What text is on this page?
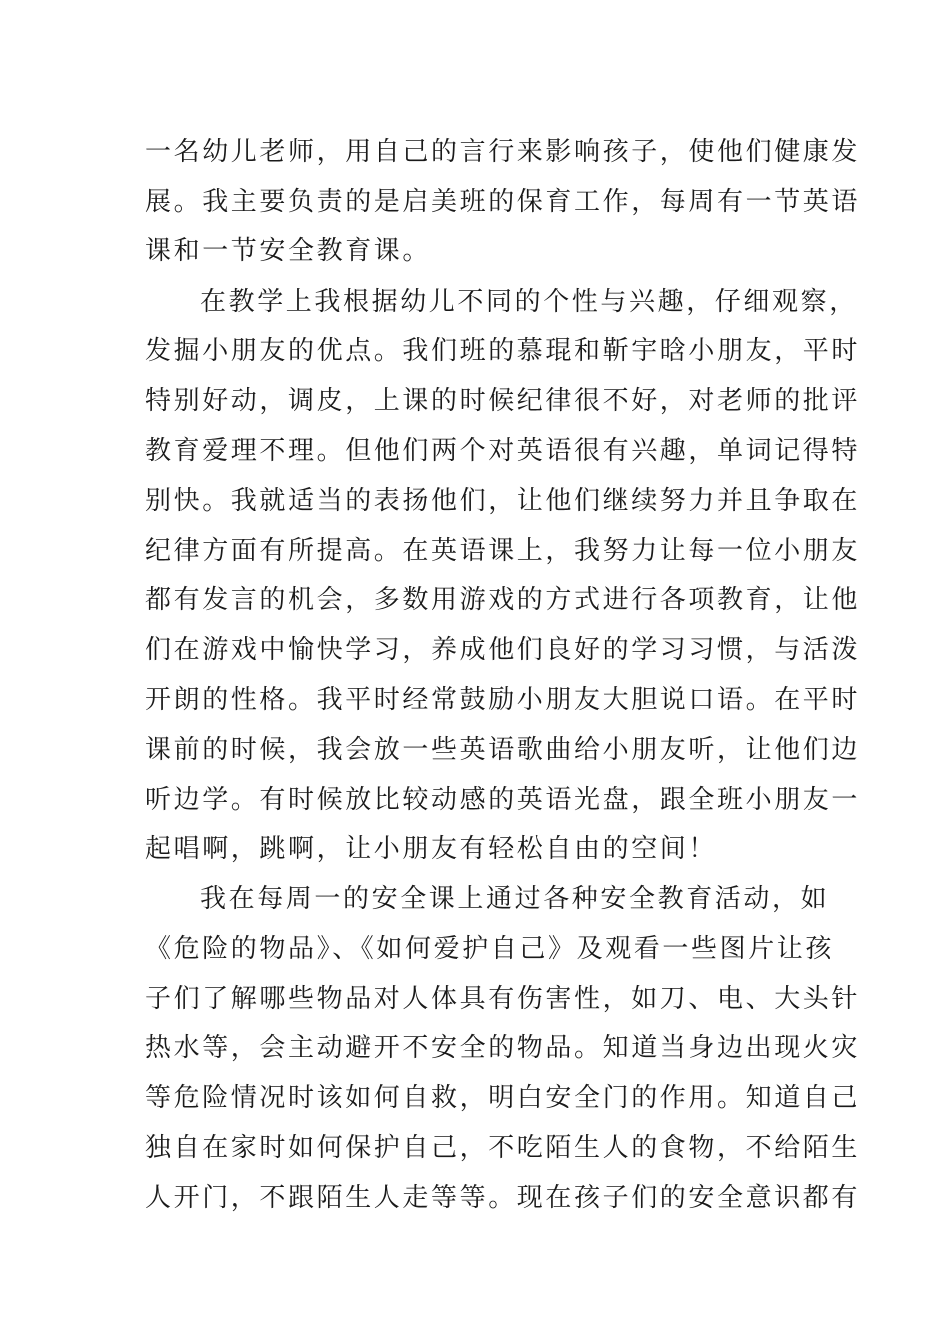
一名幼儿老师，用自己的言行来影响孩子，使他们健康发
展。我主要负责的是启美班的保育工作，每周有一节英语
课和一节安全教育课。
在教学上我根据幼儿不同的个性与兴趣，仔细观察，
发掘小朋友的优点。我们班的慕琨和靳宇晗小朋友，平时
特别好动，调皮，上课的时候纪律很不好，对老师的批评
教育爱理不理。但他们两个对英语很有兴趣，单词记得特
别快。我就适当的表扬他们，让他们继续努力并且争取在
纪律方面有所提高。在英语课上，我努力让每一位小朋友
都有发言的机会，多数用游戏的方式进行各项教育，让他
们在游戏中愉快学习，养成他们良好的学习习惯，与活泼
开朗的性格。我平时经常鼓励小朋友大胆说口语。在平时
课前的时候，我会放一些英语歌曲给小朋友听，让他们边
听边学。有时候放比较动感的英语光盘，跟全班小朋友一
起唱啊，跳啊，让小朋友有轻松自由的空间！
我在每周一的安全课上通过各种安全教育活动，如
《危险的物品》、《如何爱护自己》及观看一些图片让孩
子们了解哪些物品对人体具有伤害性，如刀、电、大头针
热水等，会主动避开不安全的物品。知道当身边出现火灾
等危险情况时该如何自救，明白安全门的作用。知道自己
独自在家时如何保护自己，不吃陌生人的食物，不给陌生
人开门，不跟陌生人走等等。现在孩子们的安全意识都有
